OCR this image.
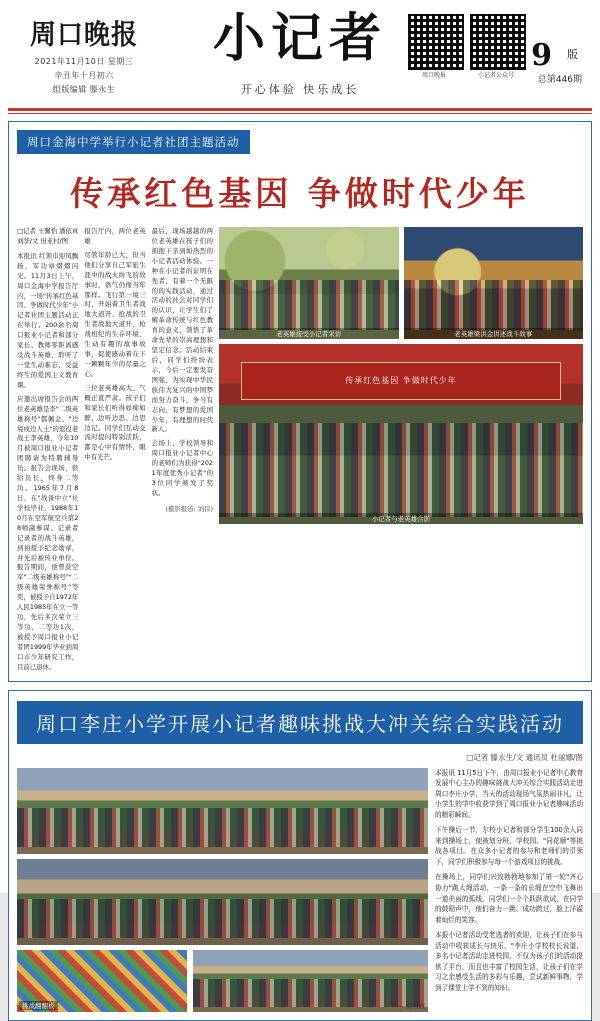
周口晚报
2021年11月10日 星期三
辛丑年十月初六
组版编辑 滕永生
小记者
开心体验 快乐成长
周口晚报	小记者公众号
9 版
总第446期
周口金海中学举行小记者社团主题活动
传承红色基因 争做时代少年
□记者 王馨怡 潘依真 刘华/文 田亚村/图
本报讯 红领巾迎风飘扬，军功章熠熠闪光。11月3日上午，周口金海中学报告厅内，一场"传承红色基因、争做时代少年"小记者社团主题活动正在举行。200余名周口报业小记者和部分家长、教师零距离感受战斗英雄，聆听了一堂生动难忘、受益终生的爱国主义教育课。
应邀出席报告会的两位老英雄是李"二级英雄称号"都佩金、"边境戍边人士"的退役老战士李英雄，今年10月被周口报业小记者团聘请为特聘辅导员。报告会现场，供给员长、终身二等功。1965年7月8日，在"战备中立"社学校毕业，1988年10月在空军航空兵第28师副参谋、记录者记录者的战斗英雄，到初授予纪念勋章，并先后被传业单位。报告期间，他曾获空军"二级英雄称号""二级英雄荣誉称号"等奖，被授予自1972年人民1985年在立一等功，先后多次荣立三等功，二等功1次，被授予周口报业小记者团1999年毕业到周口市少年研究工作，目前已退休。
报告厅内，两位老英雄
尽管年龄已大，但当他们分享自己军旅生涯中的战火纷飞的故事时，语气仍像当年那样。飞行第一境三时，开始着卫生者战地大道开、抢战的卫生者战地大道开、枪战相纪的生存环境，生动有趣的故事故事，促使感动着在下一颗颗年少的尽量之心。
三位老英雄高大、气概正直严肃。孩子们和家长们听得如痴如醉，边听边思、边思边记。同学们互动交流时提问特别活跃，都是心中有情怀，眼中有光芒。
最后，现场越越的两位老英雄在孩子们的拥抱下亲到如热烈的小记者活动体验。一种在小记者的证明在先者，有着一个无限的的实践活动，通过活动的社会对同学们的认识，让学生们了解革命传统与红色教育的意义，领悟了革命先辈的崇高理想和坚定信念。活动结束后，同学们纷纷表示，今后一定要发奋图强，为实现中华民族伟大复兴的中国梦而努力奋斗，争当有志向、有梦想的爱国少年，有理想的时代新人。
会场上，学校领导和周口报业小记者中心的老师们为获得"2021年度优秀小记者"的3位同学颁发了奖状。
(摄影报道: 刘伟)
老英雄接受小记者采访	老英雄梁洪金讲述战斗故事
传承红色基因 争做时代少年
小记者与老英雄合影
周口李庄小学开展小记者趣味挑战大冲关综合实践活动
□记者 滕永生/文 通讯员 杜丽娜/图
挑战翻翻板	—圆刻底
本报讯 11月5日下午，由周口报业小记者中心教育发展中心主办的趣味挑战大冲关综合实践活动走进周口李庄小学，当天的活动现场气氛热闹非凡，让小学生的学中收获学到了周口报业小记者趣味活动的精彩瞬间。
下午操后一节，尔校小记者和部分学生100余人同来到操场上，便被划分班、学校园、"同花顺"等挑战各项目。在众多小记者的参与和老师们的引领下，同学们积极参与每一个游戏项目的挑战。
在操场上，同学们兴致勃勃地参加了第一轮"齐心协力"跳大绳活动，一条一条的长绳在空中飞舞出一道美丽的弧线，同学们一个个跃跃欲试，在同学的鼓励声中，他们奋力一跳、成功跨过，脸上洋溢着灿烂的笑容。
本报小记者活动受老选者的欢迎，让孩子们在参与活动中收获成长与快乐，"李庄小学校校长说道，多名小记者活动走进校园，不仅为孩子们的活动提供了平台，而且也丰富了校园生活，让孩子们在学习之余感受生活的多彩与乐趣，尝试新鲜事物，学到了课堂上学不到的知识。
